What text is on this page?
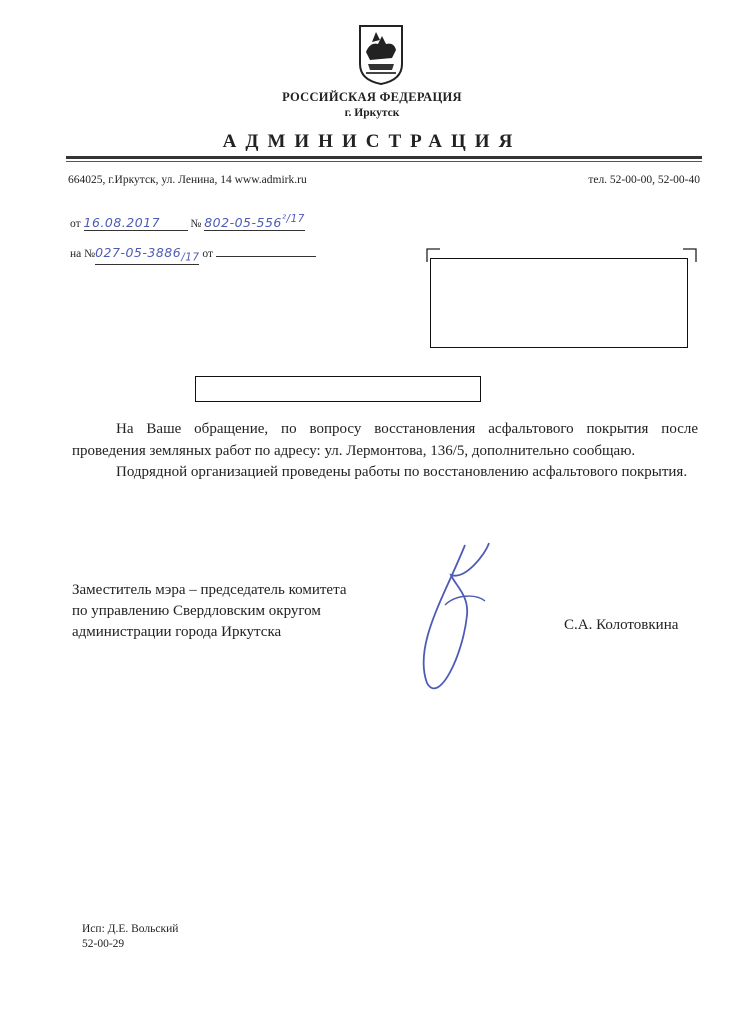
РОССИЙСКАЯ ФЕДЕРАЦИЯ
г. Иркутск
АДМИНИСТРАЦИЯ
664025, г.Иркутск, ул. Ленина, 14 www.admirk.ru	тел. 52-00-00, 52-00-40
от 16.08.2017	№ $802-05-556^{^2/17}$
на $№027-05-3886_{/17}$ от

На Ваше обращение, по вопросу восстановления асфальтового покрытия после проведения земляных работ по адресу: ул. Лермонтова, 136/5, дополнительно сообщаю.

Подрядной организацией проведены работы по восстановлению асфальтового покрытия.

Заместитель мэра – председатель комитета
по управлению Свердловским округом
администрации города Иркутска	С.А. Колотовкина
Исп: Д.Е. Вольский
52-00-29
